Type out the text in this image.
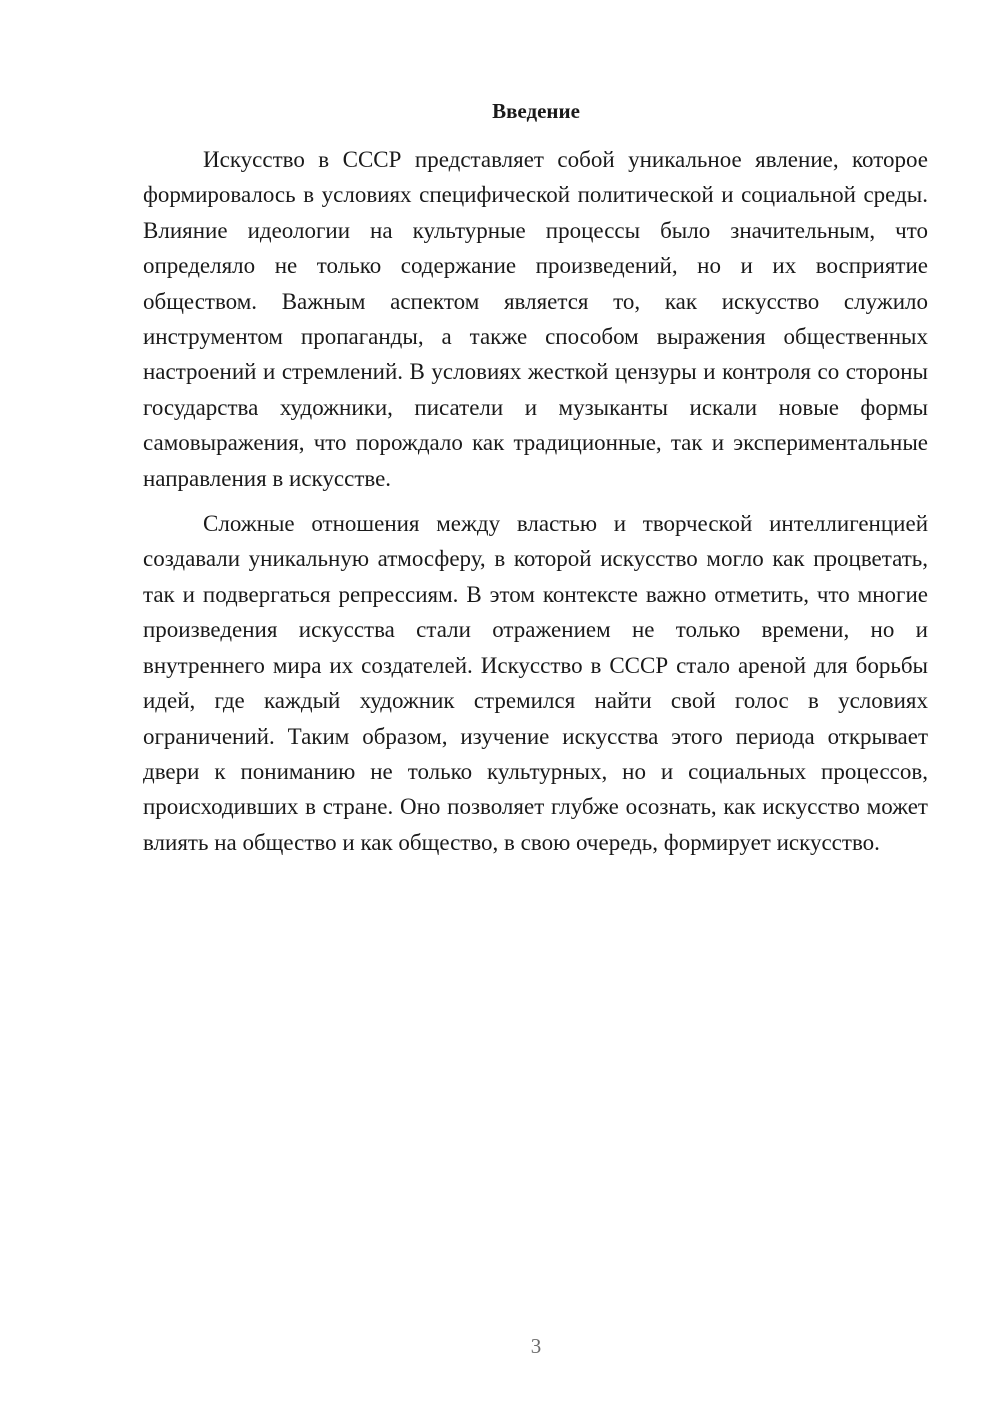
Введение

Искусство в СССР представляет собой уникальное явление, которое формировалось в условиях специфической политической и социальной среды. Влияние идеологии на культурные процессы было значительным, что определяло не только содержание произведений, но и их восприятие обществом. Важным аспектом является то, как искусство служило инструментом пропаганды, а также способом выражения общественных настроений и стремлений. В условиях жесткой цензуры и контроля со стороны государства художники, писатели и музыканты искали новые формы самовыражения, что порождало как традиционные, так и экспериментальные направления в искусстве.

Сложные отношения между властью и творческой интеллигенцией создавали уникальную атмосферу, в которой искусство могло как процветать, так и подвергаться репрессиям. В этом контексте важно отметить, что многие произведения искусства стали отражением не только времени, но и внутреннего мира их создателей. Искусство в СССР стало ареной для борьбы идей, где каждый художник стремился найти свой голос в условиях ограничений. Таким образом, изучение искусства этого периода открывает двери к пониманию не только культурных, но и социальных процессов, происходивших в стране. Оно позволяет глубже осознать, как искусство может влиять на общество и как общество, в свою очередь, формирует искусство.

3
